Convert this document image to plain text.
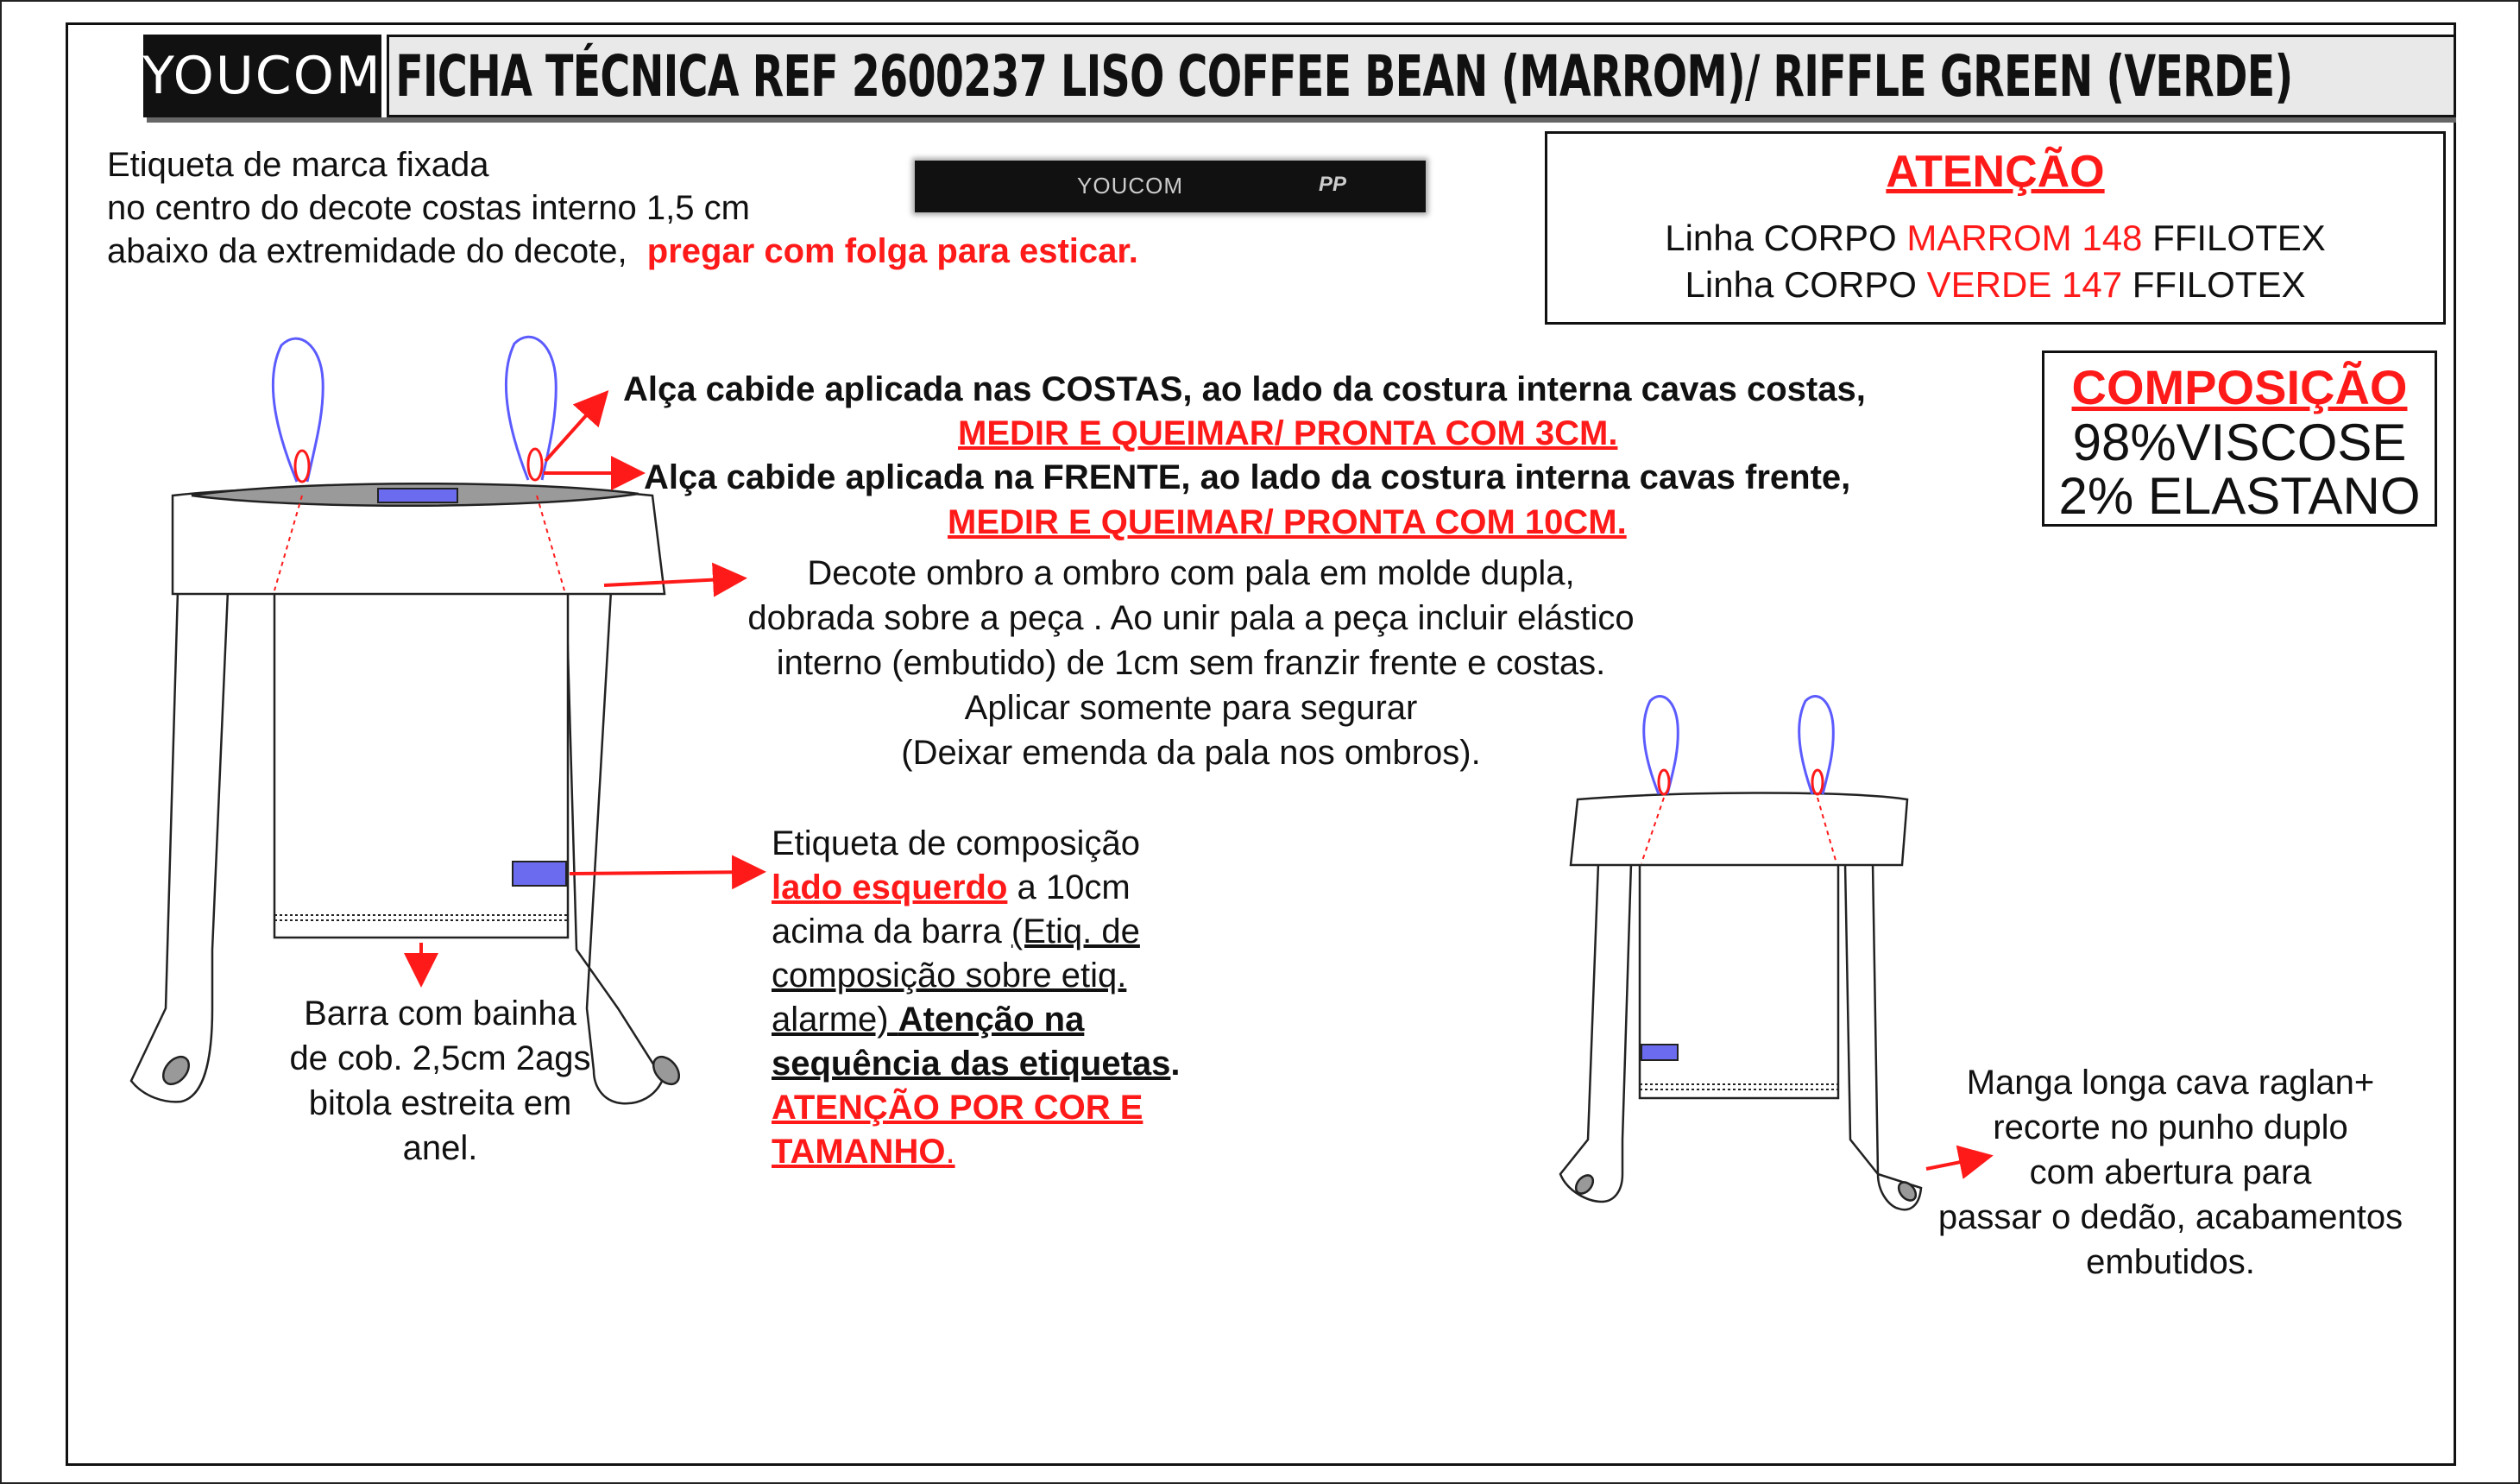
YOUCOM FICHA TÉCNICA REF 2600237 LISO COFFEE BEAN (MARROM)/ RIFFLE GREEN (VERDE)
Etiqueta de marca fixada
no centro do decote costas interno 1,5 cm
abaixo da extremidade do decote, pregar com folga para esticar.
YOUCOM	PP	ATENÇÃO
Linha CORPO MARROM 148 FFILOTEX
Linha CORPO VERDE 147 FFILOTEX
COMPOSIÇÃO
98%VISCOSE
2% ELASTANO
Alça cabide aplicada nas COSTAS, ao lado da costura interna cavas costas,
MEDIR E QUEIMAR/ PRONTA COM 3CM.
Alça cabide aplicada na FRENTE, ao lado da costura interna cavas frente,
MEDIR E QUEIMAR/ PRONTA COM 10CM.
Decote ombro a ombro com pala em molde dupla,
dobrada sobre a peça . Ao unir pala a peça incluir elástico
interno (embutido) de 1cm sem franzir frente e costas.
Aplicar somente para segurar
(Deixar emenda da pala nos ombros).
Etiqueta de composição
lado esquerdo a 10cm
acima da barra (Etiq. de
composição sobre etiq.
alarme) Atenção na
sequência das etiquetas.
ATENÇÃO POR COR E
TAMANHO.
Barra com bainha
de cob. 2,5cm 2ags
bitola estreita em
anel.
Manga longa cava raglan+
recorte no punho duplo
com abertura para
passar o dedão, acabamentos
embutidos.
